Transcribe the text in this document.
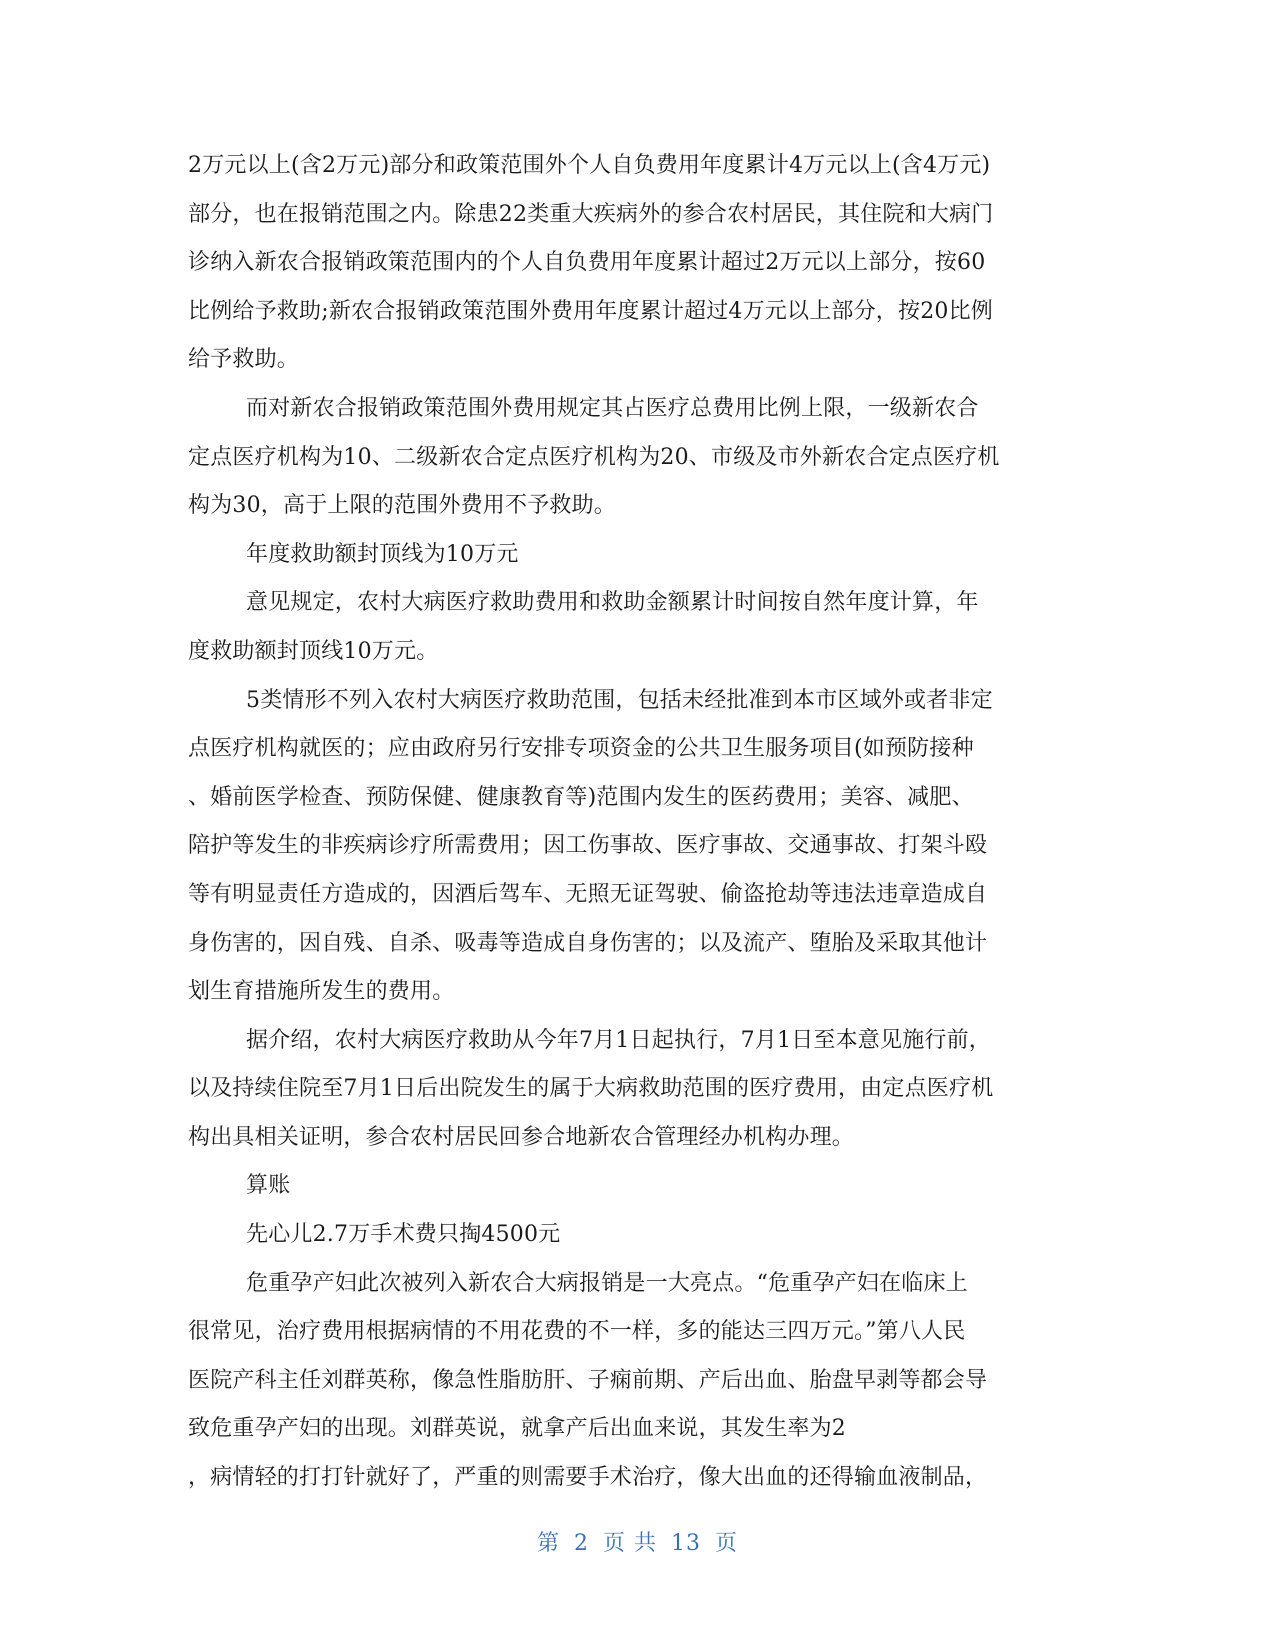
2万元以上(含2万元)部分和政策范围外个人自负费用年度累计4万元以上(含4万元)
部分，也在报销范围之内。除患22类重大疾病外的参合农村居民，其住院和大病门
诊纳入新农合报销政策范围内的个人自负费用年度累计超过2万元以上部分，按60
比例给予救助;新农合报销政策范围外费用年度累计超过4万元以上部分，按20比例
给予救助。
而对新农合报销政策范围外费用规定其占医疗总费用比例上限，一级新农合
定点医疗机构为10、二级新农合定点医疗机构为20、市级及市外新农合定点医疗机
构为30，高于上限的范围外费用不予救助。
年度救助额封顶线为10万元
意见规定，农村大病医疗救助费用和救助金额累计时间按自然年度计算，年
度救助额封顶线10万元。
5类情形不列入农村大病医疗救助范围，包括未经批准到本市区域外或者非定
点医疗机构就医的；应由政府另行安排专项资金的公共卫生服务项目(如预防接种
、婚前医学检查、预防保健、健康教育等)范围内发生的医药费用；美容、减肥、
陪护等发生的非疾病诊疗所需费用；因工伤事故、医疗事故、交通事故、打架斗殴
等有明显责任方造成的，因酒后驾车、无照无证驾驶、偷盗抢劫等违法违章造成自
身伤害的，因自残、自杀、吸毒等造成自身伤害的；以及流产、堕胎及采取其他计
划生育措施所发生的费用。
据介绍，农村大病医疗救助从今年7月1日起执行，7月1日至本意见施行前，
以及持续住院至7月1日后出院发生的属于大病救助范围的医疗费用，由定点医疗机
构出具相关证明，参合农村居民回参合地新农合管理经办机构办理。
算账
先心儿2.7万手术费只掏4500元
危重孕产妇此次被列入新农合大病报销是一大亮点。“危重孕产妇在临床上
很常见，治疗费用根据病情的不用花费的不一样，多的能达三四万元。”第八人民
医院产科主任刘群英称，像急性脂肪肝、子痫前期、产后出血、胎盘早剥等都会导
致危重孕产妇的出现。刘群英说，就拿产后出血来说，其发生率为2
，病情轻的打打针就好了，严重的则需要手术治疗，像大出血的还得输血液制品，
第 2 页 共 13 页
